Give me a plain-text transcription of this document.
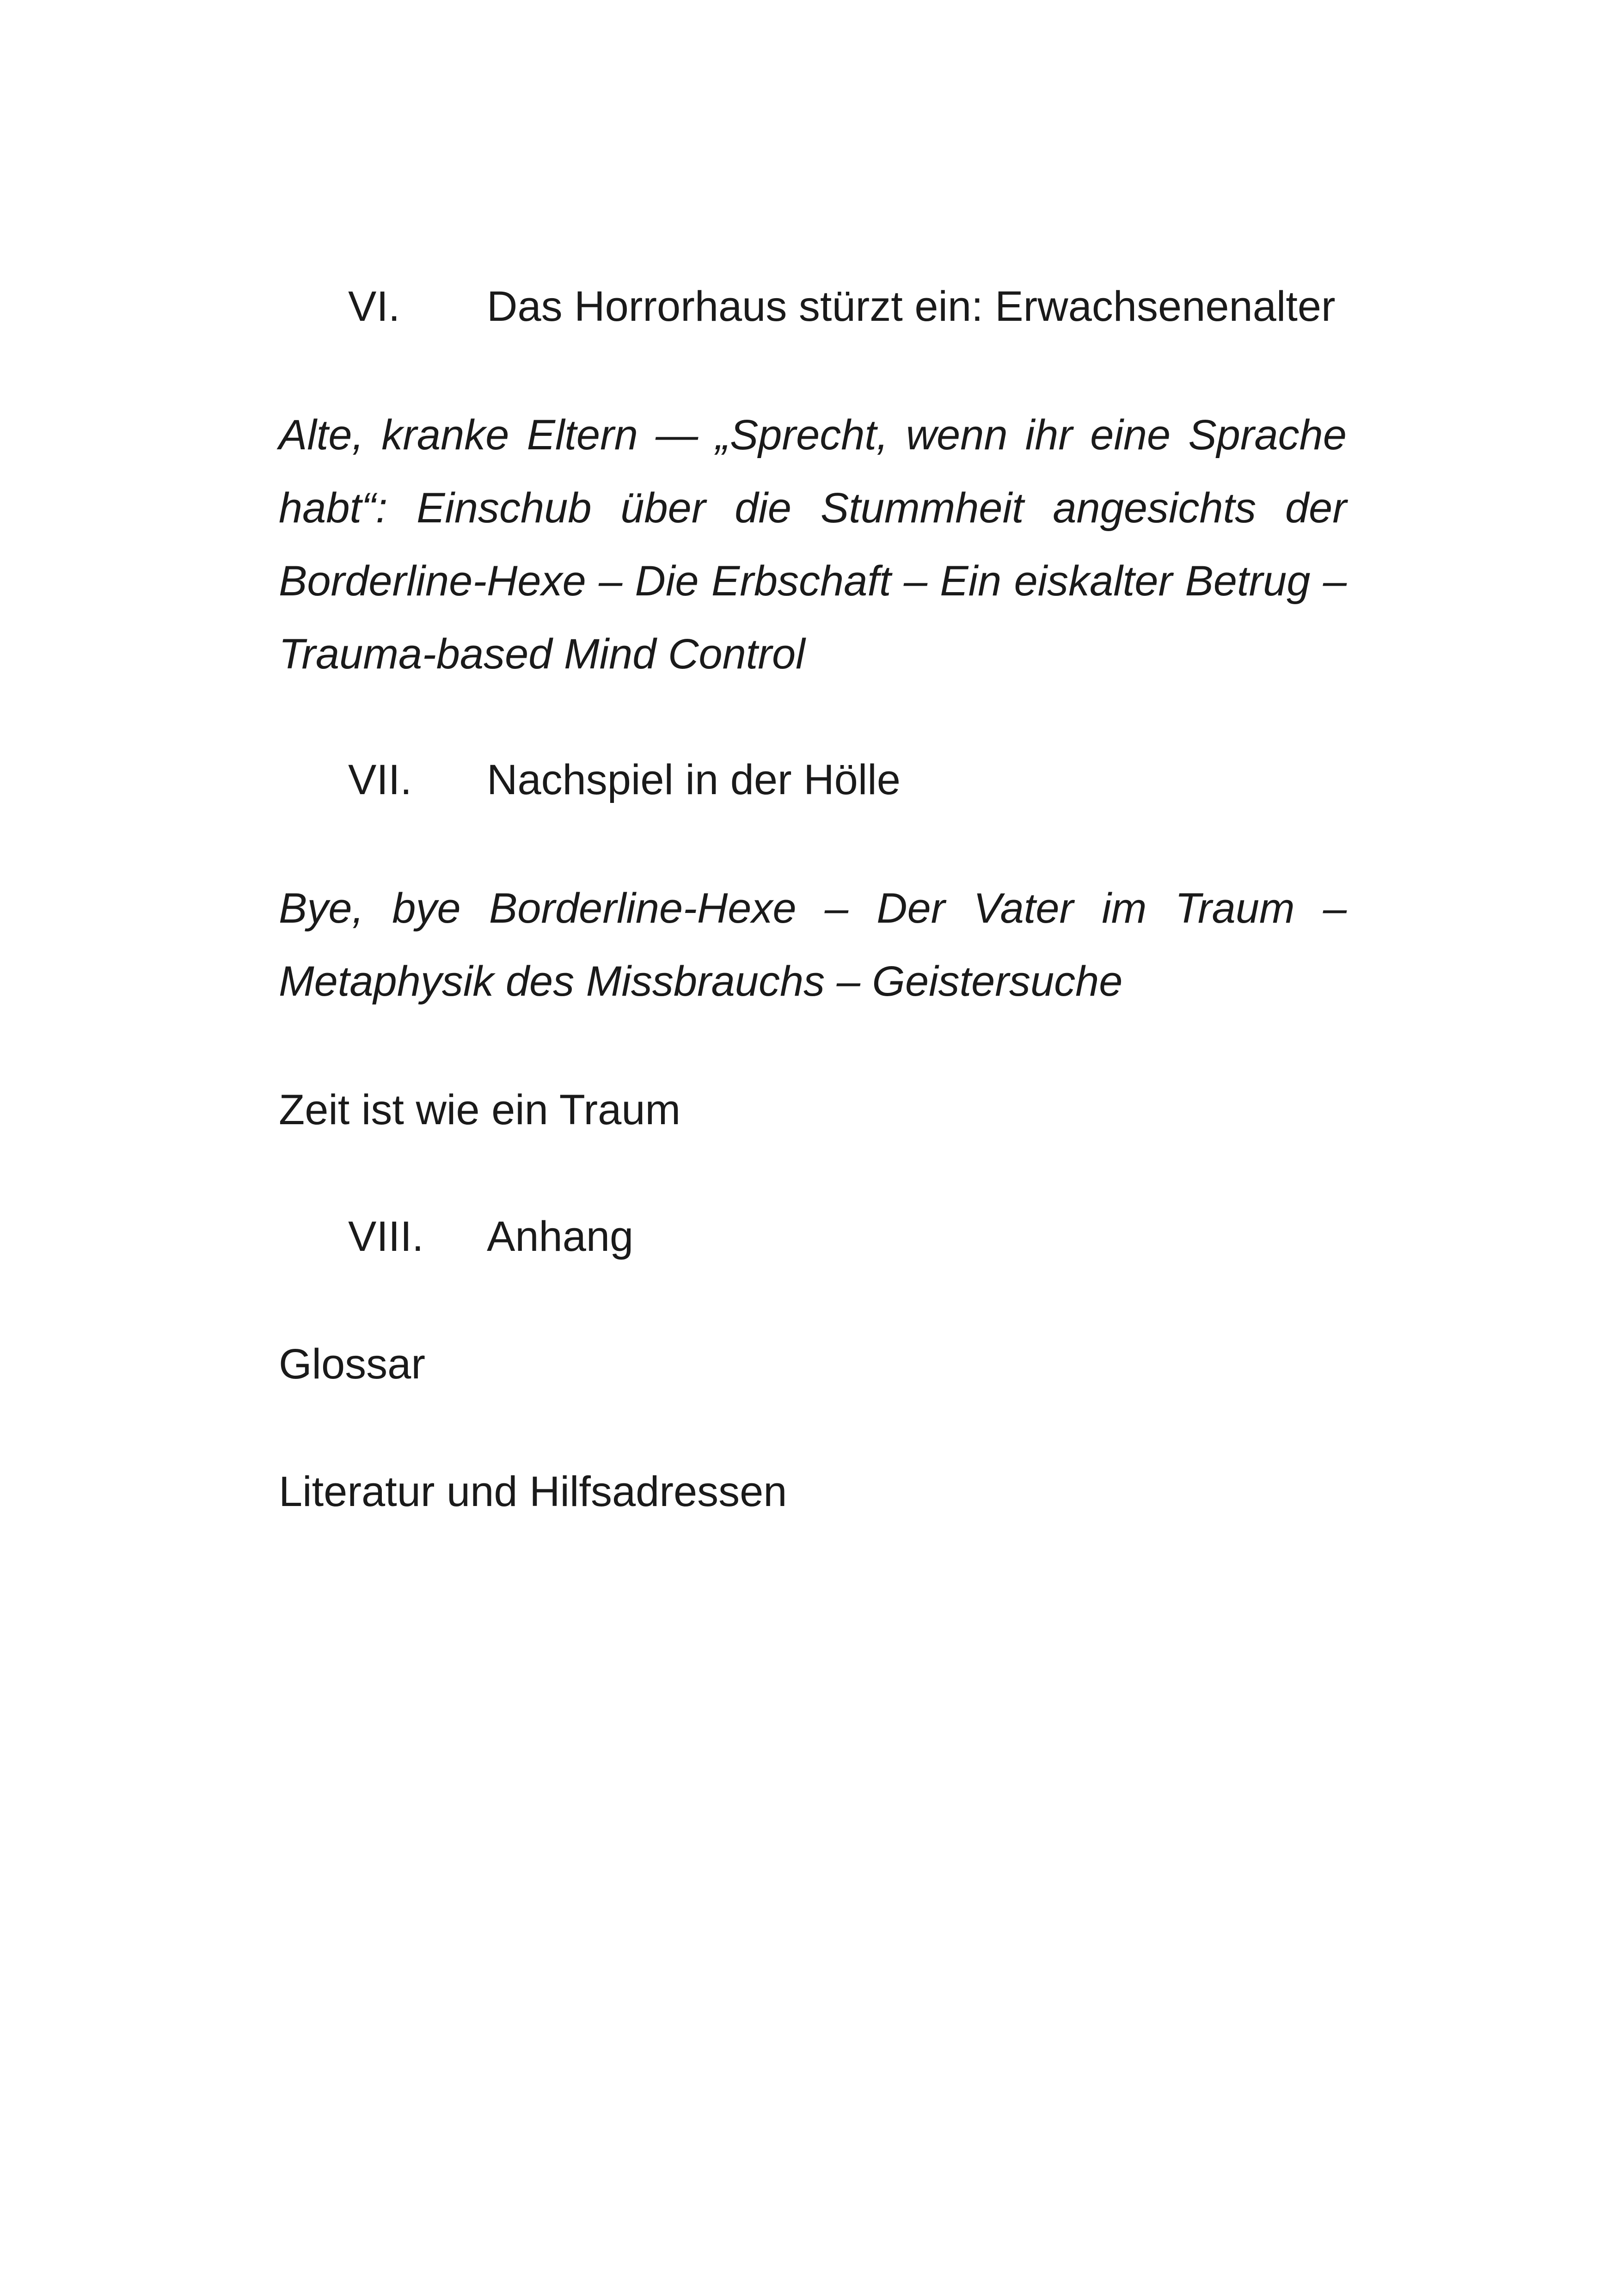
VI. Das Horrorhaus stürzt ein: Erwachsenenalter
Alte, kranke Eltern — „Sprecht, wenn ihr eine Sprache habt“: Einschub über die Stummheit angesichts der Borderline-Hexe – Die Erbschaft – Ein eiskalter Betrug – Trauma-based Mind Control
VII. Nachspiel in der Hölle
Bye, bye Borderline-Hexe – Der Vater im Traum – Metaphysik des Missbrauchs – Geistersuche
Zeit ist wie ein Traum
VIII. Anhang
Glossar
Literatur und Hilfsadressen
